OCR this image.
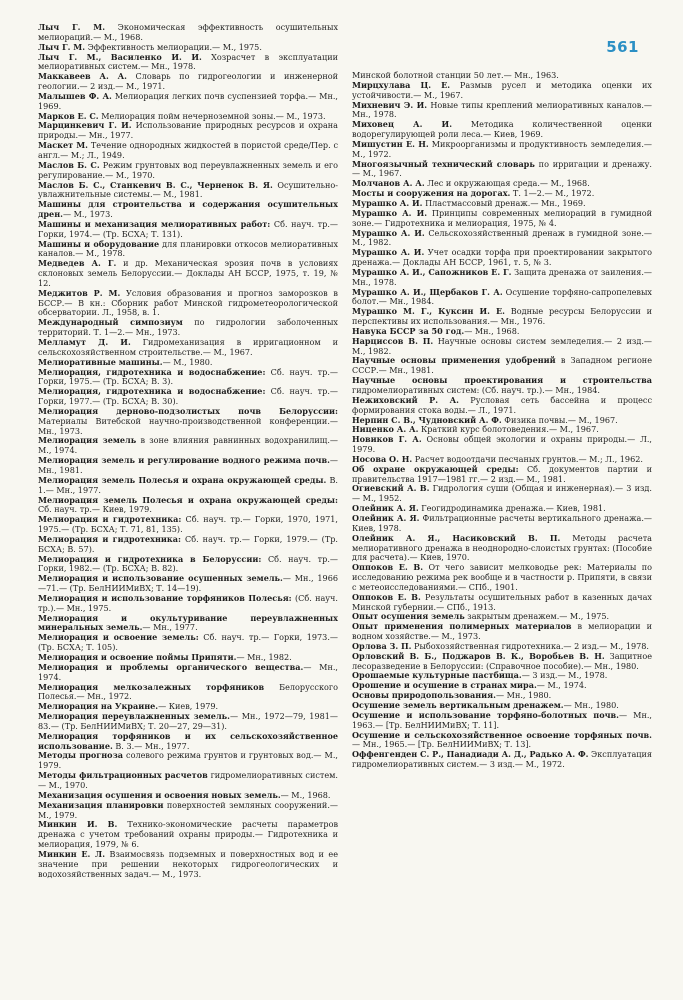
561
Лыч Г. М. Экономическая эффективность осушительных мелиораций.— М., 1968.
Лыч Г. М. Эффективность мелиорации.— М., 1975.
Лыч Г. М., Василенко И. И. Хозрасчет в эксплуатации мелиоративных систем.— Мн., 1978.
Маккавеев А. А. Словарь по гидрогеологии и инженерной геологии.— 2 изд.— М., 1971.
Малышев Ф. А. Мелиорация легких почв суспензией торфа.— Мн., 1969.
Марков Е. С. Мелиорация пойм нечерноземной зоны.— М., 1973.
Марцинкевич Г. И. Использование природных ресурсов и охрана природы.— Мн., 1977.
Маскет М. Течение однородных жидкостей в пористой среде/Пер. с англ.— М.; Л., 1949.
Маслов Б. С. Режим грунтовых вод переувлажненных земель и его регулирование.— М., 1970.
Маслов Б. С., Станкевич В. С., Черненок В. Я. Осушительно-увлажнительные системы.— М., 1981.
Машины для строительства и содержания осушительных дрен.— М., 1973.
Машины и механизация мелиоративных работ: Сб. науч. тр.— Горки, 1974.— (Тр. БСХА; Т. 131).
Машины и оборудование для планировки откосов мелиоративных каналов.— М., 1978.
Медведев А. Г. и др. Механическая эрозия почв в условиях склоновых земель Белоруссии.— Доклады АН БССР, 1975, т. 19, № 12.
Меджитов Р. М. Условия образования и прогноз заморозков в БССР.— В кн.: Сборник работ Минской гидрометеорологической обсерватории. Л., 1958, в. 1.
Международный симпозиум по гидрологии заболоченных территорий. Т. 1—2.— Мн., 1973.
Мелламут Д. И. Гидромеханизация в ирригационном и сельскохозяйственном строительстве.— М., 1967.
Мелиоративные машины.— М., 1980.
Мелиорация, гидротехника и водоснабжение: Сб. науч. тр.— Горки, 1975.— (Тр. БСХА; В. 3).
Мелиорация, гидротехника и водоснабжение: Сб. науч. тр.— Горки, 1977.— (Тр. БСХА; В. 30).
Мелиорация дерново-подзолистых почв Белоруссии: Материалы Витебской научно-производственной конференции.— Мн., 1973.
Мелиорация земель в зоне влияния равнинных водохранилищ.— М., 1974.
Мелиорация земель и регулирование водного режима почв.— Мн., 1981.
Мелиорация земель Полесья и охрана окружающей среды. В. 1.— Мн., 1977.
Мелиорация земель Полесья и охрана окружающей среды: Сб. науч. тр.— Киев, 1979.
Мелиорация и гидротехника: Сб. науч. тр.— Горки, 1970, 1971, 1975.— (Тр. БСХА; Т. 71, 81, 135).
Мелиорация и гидротехника: Сб. науч. тр.— Горки, 1979.— (Тр. БСХА; В. 57).
Мелиорация и гидротехника в Белоруссии: Сб. науч. тр.— Горки, 1982.— (Тр. БСХА; В. 82).
Мелиорация и использование осушенных земель.— Мн., 1966—71.— (Тр. БелНИИМиВХ; Т. 14—19).
Мелиорация и использование торфяников Полесья: (Сб. науч. тр.).— Мн., 1975.
Мелиорация и окультуривание переувлажненных минеральных земель.— Мн., 1977.
Мелиорация и освоение земель: Сб. науч. тр.— Горки, 1973.— (Тр. БСХА; Т. 105).
Мелиорация и освоение поймы Припяти.— Мн., 1982.
Мелиорация и проблемы органического вещества.— Мн., 1974.
Мелиорация мелкозалежных торфяников Белорусского Полесья.— Мн., 1972.
Мелиорация на Украине.— Киев, 1979.
Мелиорация переувлажненных земель.— Мн., 1972—79, 1981—83.— (Тр. БелНИИМиВХ; Т. 20—27, 29—31).
Мелиорация торфяников и их сельскохозяйственное использование. В. 3.— Мн., 1977.
Методы прогноза солевого режима грунтов и грунтовых вод.— М., 1979.
Методы фильтрационных расчетов гидромелиоративных систем.— М., 1970.
Механизация осушения и освоения новых земель.— М., 1968.
Механизация планировки поверхностей земляных сооружений.— М., 1979.
Минкин И. В. Технико-экономические расчеты параметров дренажа с учетом требований охраны природы.— Гидротехника и мелиорация, 1979, № 6.
Минкин Е. Л. Взаимосвязь подземных и поверхностных вод и ее значение при решении некоторых гидрогеологических и водохозяйственных задач.— М., 1973.
Минской болотной станции 50 лет.— Мн., 1963.
Мирцхулава Ц. Е. Размыв русел и методика оценки их устойчивости.— М., 1967.
Михневич Э. И. Новые типы креплений мелиоративных каналов.— Мн., 1978.
Миховец А. И. Методика количественной оценки водорегулирующей роли леса.— Киев, 1969.
Мишустин Е. Н. Микроорганизмы и продуктивность земледелия.— М., 1972.
Многоязычный технический словарь по ирригации и дренажу.— М., 1967.
Молчанов А. А. Лес и окружающая среда.— М., 1968.
Мосты и сооружения на дорогах. Т. 1—2.— М., 1972.
Мурашко А. И. Пластмассовый дренаж.— Мн., 1969.
Мурашко А. И. Принципы современных мелиораций в гумидной зоне.— Гидротехника и мелиорация, 1975, № 4.
Мурашко А. И. Сельскохозяйственный дренаж в гумидной зоне.— М., 1982.
Мурашко А. И. Учет осадки торфа при проектировании закрытого дренажа.— Доклады АН БССР, 1961, т. 5, № 3.
Мурашко А. И., Сапожников Е. Г. Защита дренажа от заиления.— Мн., 1978.
Мурашко А. И., Щербаков Г. А. Осушение торфяно-сапропелевых болот.— Мн., 1984.
Мурашко М. Г., Куксин И. Е. Водные ресурсы Белоруссии и перспективы их использования.— Мн., 1976.
Навука БССР за 50 год.— Мн., 1968.
Нарциссов В. П. Научные основы систем земледелия.— 2 изд.— М., 1982.
Научные основы применения удобрений в Западном регионе СССР.— Мн., 1981.
Научные основы проектирования и строительства гидромелиоративных систем: (Сб. науч. тр.).— Мн., 1984.
Нежиховский Р. А. Русловая сеть бассейна и процесс формирования стока воды.— Л., 1971.
Нерпин С. В., Чудновский А. Ф. Физика почвы.— М., 1967.
Ниценко А. А. Краткий курс болотоведения.— М., 1967.
Новиков Г. А. Основы общей экологии и охраны природы.— Л., 1979.
Носова О. Н. Расчет водоотдачи песчаных грунтов.— М.; Л., 1962.
Об охране окружающей среды: Сб. документов партии и правительства 1917—1981 гг.— 2 изд.— М., 1981.
Огиевский А. В. Гидрология суши (Общая и инженерная).— 3 изд.— М., 1952.
Олейник А. Я. Геогидродинамика дренажа.— Киев, 1981.
Олейник А. Я. Фильтрационные расчеты вертикального дренажа.— Киев, 1978.
Олейник А. Я., Насиковский В. П. Методы расчета мелиоративного дренажа в неоднородно-слоистых грунтах: (Пособие для расчета).— Киев, 1970.
Оппоков Е. В. От чего зависит мелководье рек: Материалы по исследованию режима рек вообще и в частности р. Припяти, в связи с метеоисследованиями.— СПб., 1901.
Оппоков Е. В. Результаты осушительных работ в казенных дачах Минской губернии.— СПб., 1913.
Опыт осушения земель закрытым дренажем.— М., 1975.
Опыт применения полимерных материалов в мелиорации и водном хозяйстве.— М., 1973.
Орлова З. П. Рыбохозяйственная гидротехника.— 2 изд.— М., 1978.
Орловский В. Б., Поджаров В. К., Воробьев В. Н. Защитное лесоразведение в Белоруссии: (Справочное пособие).— Мн., 1980.
Орошаемые культурные пастбища.— 3 изд.— М., 1978.
Орошение и осушение в странах мира.— М., 1974.
Основы природопользования.— Мн., 1980.
Осушение земель вертикальным дренажем.— Мн., 1980.
Осушение и использование торфяно-болотных почв.— Мн., 1963.— [Тр. БелНИИМиВХ; Т. 11].
Осушение и сельскохозяйственное освоение торфяных почв.— Мн., 1965.— [Тр. БелНИИМиВХ; Т. 13].
Оффенгенден С. Р., Панадиади А. Д., Радько А. Ф. Эксплуатация гидромелиоративных систем.— 3 изд.— М., 1972.
